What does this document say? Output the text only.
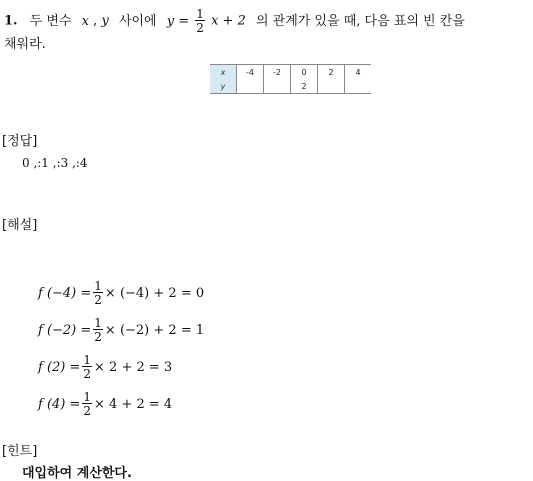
1. 두 변수 x , y 사이에 $y = \frac{1}{2}$ x + 2 의 관계가 있을 때, 다음 표의 빈 칸을
채워라.
x	-4	-2	0	2	4
y			2		
[정답]
0 ,:1 ,:3 ,:4
[해설]
f $(-4) = \frac{1}{2} \times (-4) + 2 = 0$
f $(-2) = \frac{1}{2} \times (-2) + 2 = 1$
f $(2) = \frac{1}{2} \times 2 + 2 = 3$
f $(4) = \frac{1}{2} \times 4 + 2 = 4$
[힌트]
대입하여 계산한다.
